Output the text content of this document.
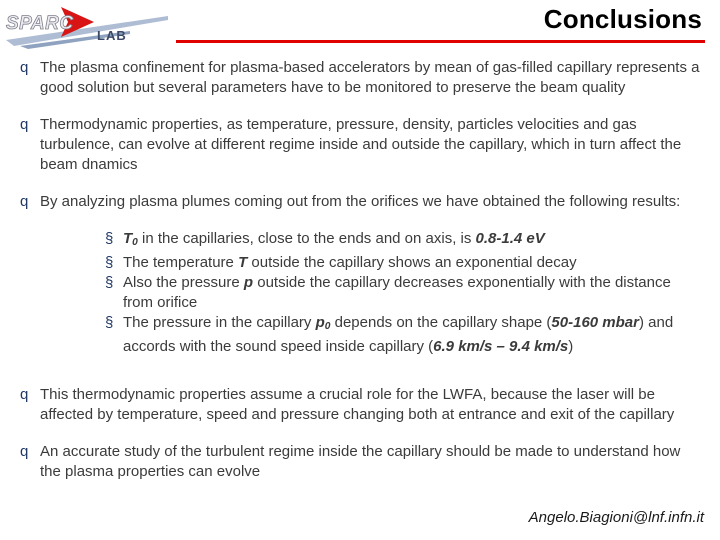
SPARC
LAB
Conclusions
q The plasma confinement for plasma-based accelerators by mean of gas-filled capillary represents a good solution but several parameters have to be monitored to preserve the beam quality

q Thermodynamic properties, as temperature, pressure, density, particles velocities and gas turbulence, can evolve at different regime inside and outside the capillary, which in turn affect the beam dnamics

q By analyzing plasma plumes coming out from the orifices we have obtained the following results:

§ T0 in the capillaries, close to the ends and on axis, is 0.8-1.4 eV

§ The temperature T outside the capillary shows an exponential decay

§ Also the pressure p outside the capillary decreases exponentially with the distance from orifice

§ The pressure in the capillary p0 depends on the capillary shape (50-160 mbar) and accords with the sound speed inside capillary (6.9 km/s – 9.4 km/s)

q This thermodynamic properties assume a crucial role for the LWFA, because the laser will be affected by temperature, speed and pressure changing both at entrance and exit of the capillary

q An accurate study of the turbulent regime inside the capillary should be made to understand how the plasma properties can evolve

Angelo.Biagioni@lnf.infn.it
